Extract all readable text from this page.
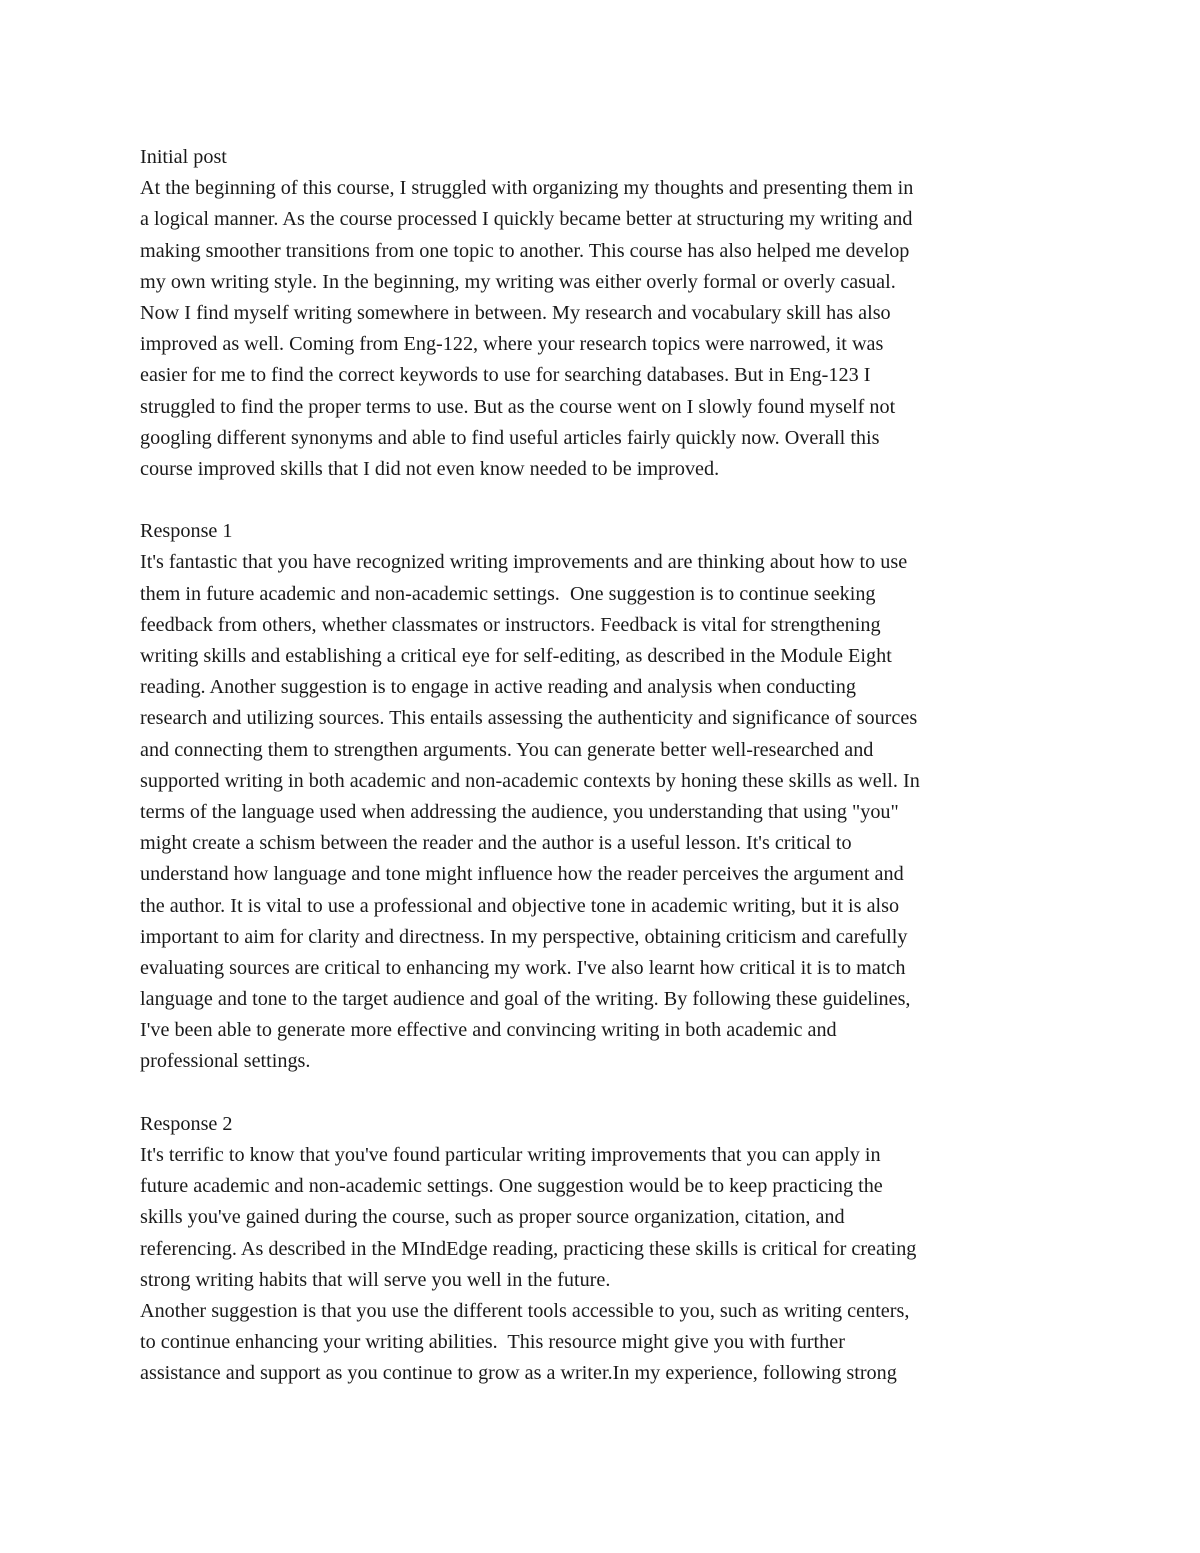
Initial post
At the beginning of this course, I struggled with organizing my thoughts and presenting them in
a logical manner. As the course processed I quickly became better at structuring my writing and
making smoother transitions from one topic to another. This course has also helped me develop
my own writing style. In the beginning, my writing was either overly formal or overly casual.
Now I find myself writing somewhere in between. My research and vocabulary skill has also
improved as well. Coming from Eng-122, where your research topics were narrowed, it was
easier for me to find the correct keywords to use for searching databases. But in Eng-123 I
struggled to find the proper terms to use. But as the course went on I slowly found myself not
googling different synonyms and able to find useful articles fairly quickly now. Overall this
course improved skills that I did not even know needed to be improved.
Response 1
It's fantastic that you have recognized writing improvements and are thinking about how to use
them in future academic and non-academic settings.  One suggestion is to continue seeking
feedback from others, whether classmates or instructors. Feedback is vital for strengthening
writing skills and establishing a critical eye for self-editing, as described in the Module Eight
reading. Another suggestion is to engage in active reading and analysis when conducting
research and utilizing sources. This entails assessing the authenticity and significance of sources
and connecting them to strengthen arguments. You can generate better well-researched and
supported writing in both academic and non-academic contexts by honing these skills as well. In
terms of the language used when addressing the audience, you understanding that using "you"
might create a schism between the reader and the author is a useful lesson. It's critical to
understand how language and tone might influence how the reader perceives the argument and
the author. It is vital to use a professional and objective tone in academic writing, but it is also
important to aim for clarity and directness. In my perspective, obtaining criticism and carefully
evaluating sources are critical to enhancing my work. I've also learnt how critical it is to match
language and tone to the target audience and goal of the writing. By following these guidelines,
I've been able to generate more effective and convincing writing in both academic and
professional settings.
Response 2
It's terrific to know that you've found particular writing improvements that you can apply in
future academic and non-academic settings. One suggestion would be to keep practicing the
skills you've gained during the course, such as proper source organization, citation, and
referencing. As described in the MIndEdge reading, practicing these skills is critical for creating
strong writing habits that will serve you well in the future.
Another suggestion is that you use the different tools accessible to you, such as writing centers,
to continue enhancing your writing abilities.  This resource might give you with further
assistance and support as you continue to grow as a writer.In my experience, following strong
